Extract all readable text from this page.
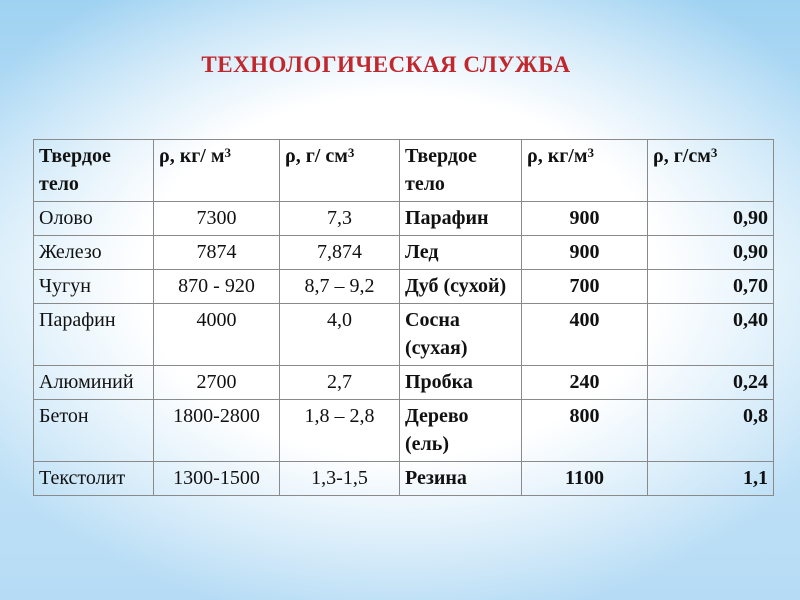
ТЕХНОЛОГИЧЕСКАЯ СЛУЖБА
Твердое тело	ρ, кг/ $м^3$	ρ, г/ $см^3$	Твердое тело	ρ, $кг/м^3$	ρ, $г/см^3$
Олово	7300	7,3	Парафин	900	0,90
Железо	7874	7,874	Лед	900	0,90
Чугун	870 - 920	8,7 – 9,2	Дуб (сухой)	700	0,70
Парафин	4000	4,0	Сосна (сухая)	400	0,40
Алюминий	2700	2,7	Пробка	240	0,24
Бетон	1800-2800	1,8 – 2,8	Дерево (ель)	800	0,8
Текстолит	1300-1500	1,3-1,5	Резина	1100	1,1
